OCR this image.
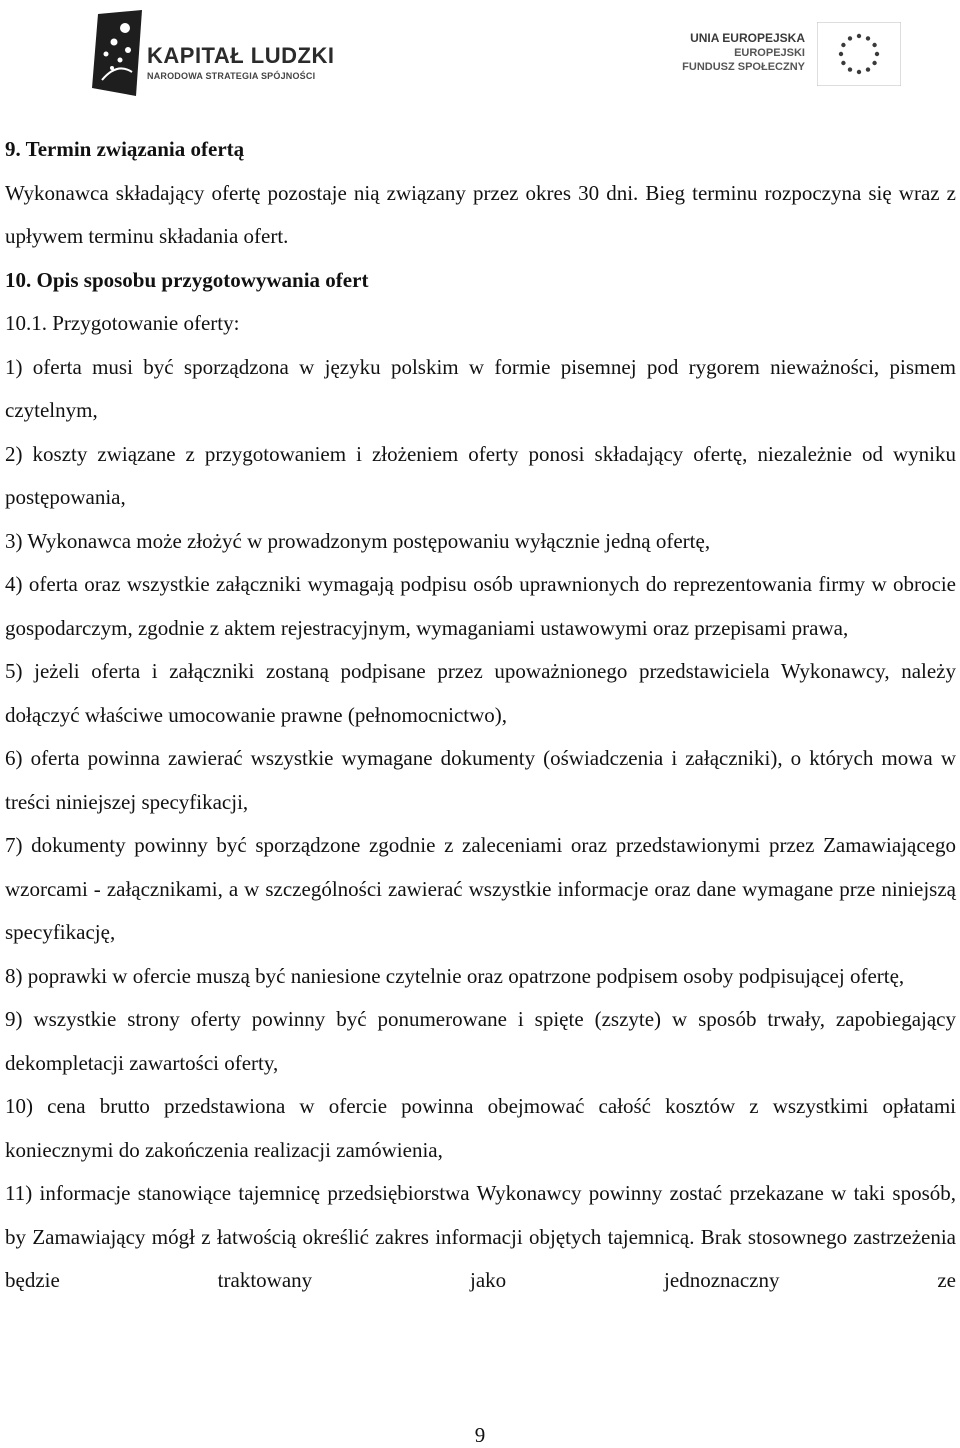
KAPITAŁ LUDZKI
NARODOWA STRATEGIA SPÓJNOŚCI
UNIA EUROPEJSKA
EUROPEJSKI
FUNDUSZ SPOŁECZNY

9. Termin związania ofertą

Wykonawca składający ofertę pozostaje nią związany przez okres 30 dni. Bieg terminu rozpoczyna się wraz z upływem terminu składania ofert.

10. Opis sposobu przygotowywania ofert

10.1. Przygotowanie oferty:

1) oferta musi być sporządzona w języku polskim w formie pisemnej pod rygorem nieważności, pismem czytelnym,

2) koszty związane z przygotowaniem i złożeniem oferty ponosi składający ofertę, niezależnie od wyniku postępowania,

3) Wykonawca może złożyć w prowadzonym postępowaniu wyłącznie jedną ofertę,

4) oferta oraz wszystkie załączniki wymagają podpisu osób uprawnionych do reprezentowania firmy w obrocie gospodarczym, zgodnie z aktem rejestracyjnym, wymaganiami ustawowymi oraz przepisami prawa,

5) jeżeli oferta i załączniki zostaną podpisane przez upoważnionego przedstawiciela Wykonawcy, należy dołączyć właściwe umocowanie prawne (pełnomocnictwo),

6) oferta powinna zawierać wszystkie wymagane dokumenty (oświadczenia i załączniki), o których mowa w treści niniejszej specyfikacji,

7) dokumenty powinny być sporządzone zgodnie z zaleceniami oraz przedstawionymi przez Zamawiającego wzorcami - załącznikami, a w szczególności zawierać wszystkie informacje oraz dane wymagane prze niniejszą specyfikację,

8) poprawki w ofercie muszą być naniesione czytelnie oraz opatrzone podpisem osoby podpisującej ofertę,

9) wszystkie strony oferty powinny być ponumerowane i spięte (zszyte) w sposób trwały, zapobiegający dekompletacji zawartości oferty,

10) cena brutto przedstawiona w ofercie powinna obejmować całość kosztów z wszystkimi opłatami koniecznymi do zakończenia realizacji zamówienia,

11) informacje stanowiące tajemnicę przedsiębiorstwa Wykonawcy powinny zostać przekazane w taki sposób, by Zamawiający mógł z łatwością określić zakres informacji objętych tajemnicą. Brak stosownego zastrzeżenia będzie traktowany jako jednoznaczny ze

9
